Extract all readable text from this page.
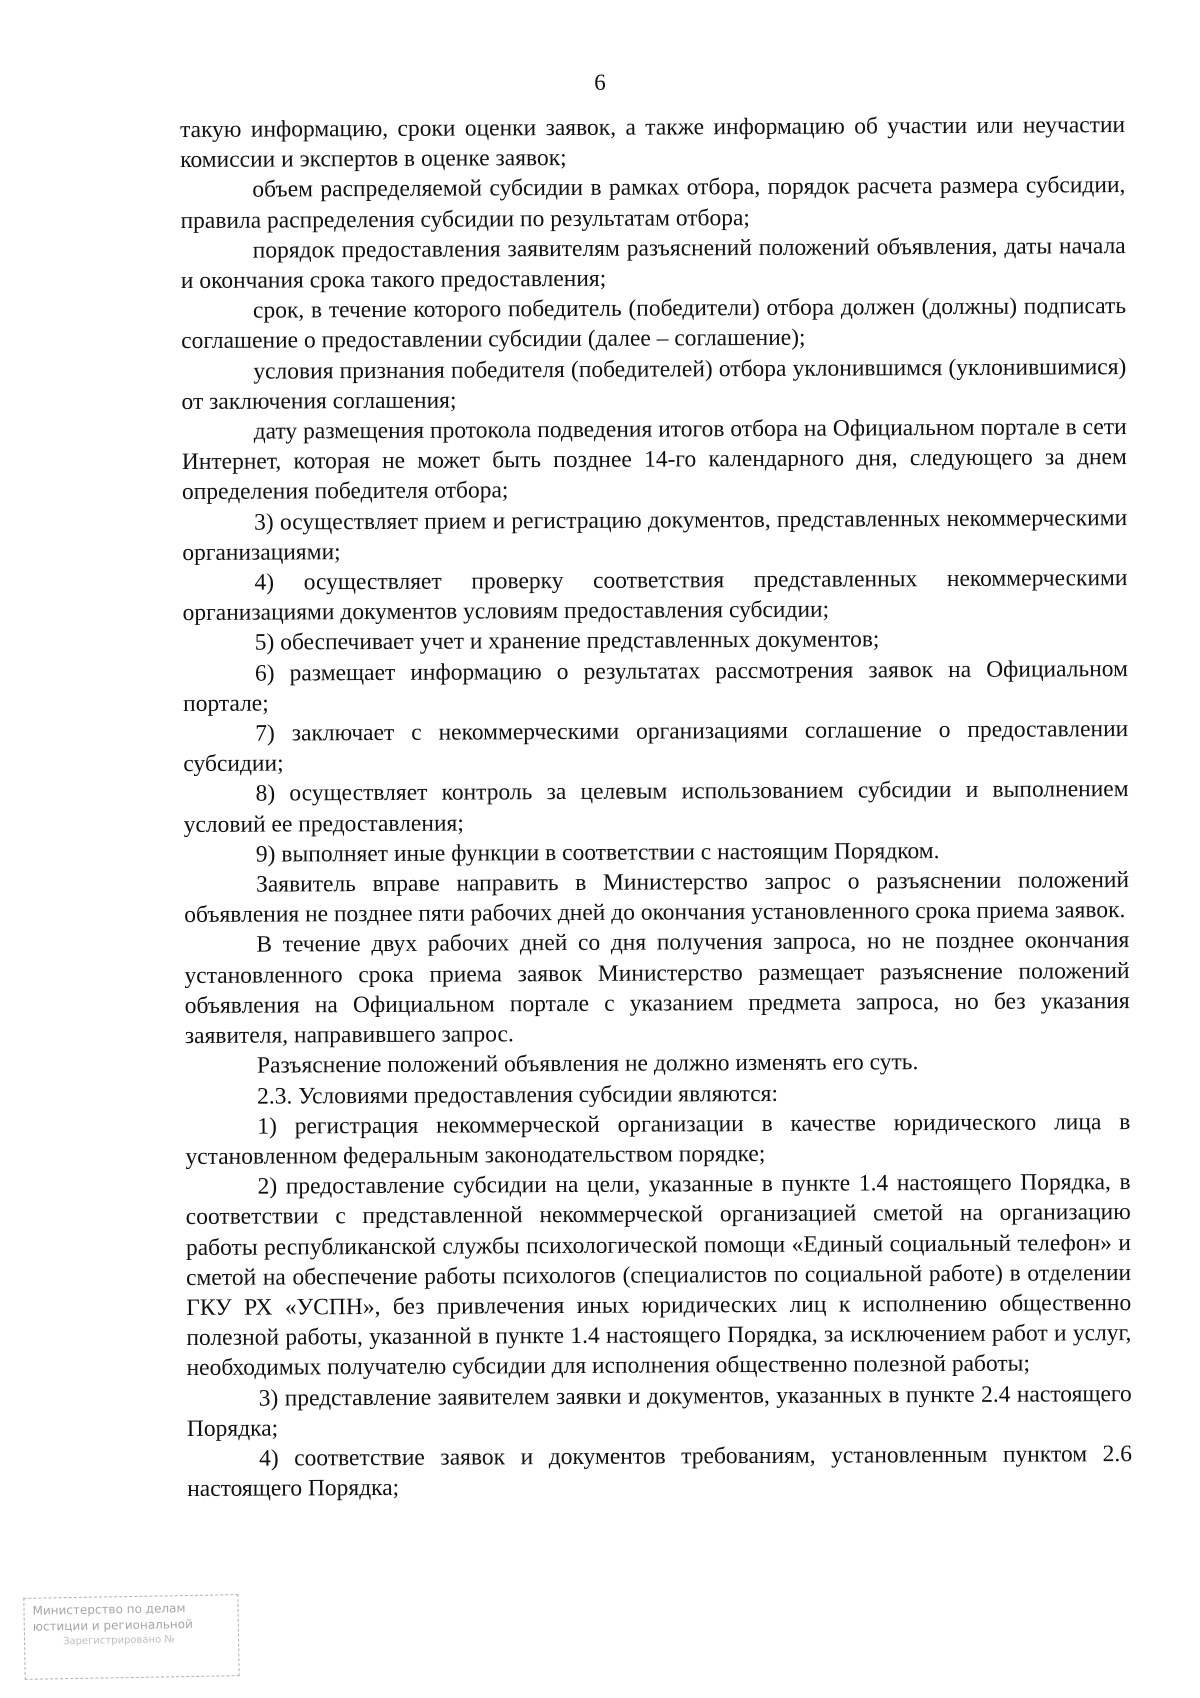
6

такую информацию, сроки оценки заявок, а также информацию об участии или неучастии комиссии и экспертов в оценке заявок;

объем распределяемой субсидии в рамках отбора, порядок расчета размера субсидии, правила распределения субсидии по результатам отбора;

порядок предоставления заявителям разъяснений положений объявления, даты начала и окончания срока такого предоставления;

срок, в течение которого победитель (победители) отбора должен (должны) подписать соглашение о предоставлении субсидии (далее – соглашение);

условия признания победителя (победителей) отбора уклонившимся (уклонившимися) от заключения соглашения;

дату размещения протокола подведения итогов отбора на Официальном портале в сети Интернет, которая не может быть позднее 14-го календарного дня, следующего за днем определения победителя отбора;

3) осуществляет прием и регистрацию документов, представленных некоммерческими организациями;

4) осуществляет проверку соответствия представленных некоммерческими организациями документов условиям предоставления субсидии;

5) обеспечивает учет и хранение представленных документов;

6) размещает информацию о результатах рассмотрения заявок на Официальном портале;

7) заключает с некоммерческими организациями соглашение о предоставлении субсидии;

8) осуществляет контроль за целевым использованием субсидии и выполнением условий ее предоставления;

9) выполняет иные функции в соответствии с настоящим Порядком.

Заявитель вправе направить в Министерство запрос о разъяснении положений объявления не позднее пяти рабочих дней до окончания установленного срока приема заявок.

В течение двух рабочих дней со дня получения запроса, но не позднее окончания установленного срока приема заявок Министерство размещает разъяснение положений объявления на Официальном портале с указанием предмета запроса, но без указания заявителя, направившего запрос.

Разъяснение положений объявления не должно изменять его суть.

2.3. Условиями предоставления субсидии являются:

1) регистрация некоммерческой организации в качестве юридического лица в установленном федеральным законодательством порядке;

2) предоставление субсидии на цели, указанные в пункте 1.4 настоящего Порядка, в соответствии с представленной некоммерческой организацией сметой на организацию работы республиканской службы психологической помощи «Единый социальный телефон» и сметой на обеспечение работы психологов (специалистов по социальной работе) в отделении ГКУ РХ «УСПН», без привлечения иных юридических лиц к исполнению общественно полезной работы, указанной в пункте 1.4 настоящего Порядка, за исключением работ и услуг, необходимых получателю субсидии для исполнения общественно полезной работы;

3) представление заявителем заявки и документов, указанных в пункте 2.4 настоящего Порядка;

4) соответствие заявок и документов требованиям, установленным пунктом 2.6 настоящего Порядка;

Министерство по делам
юстиции и региональной
Зарегистрировано №
